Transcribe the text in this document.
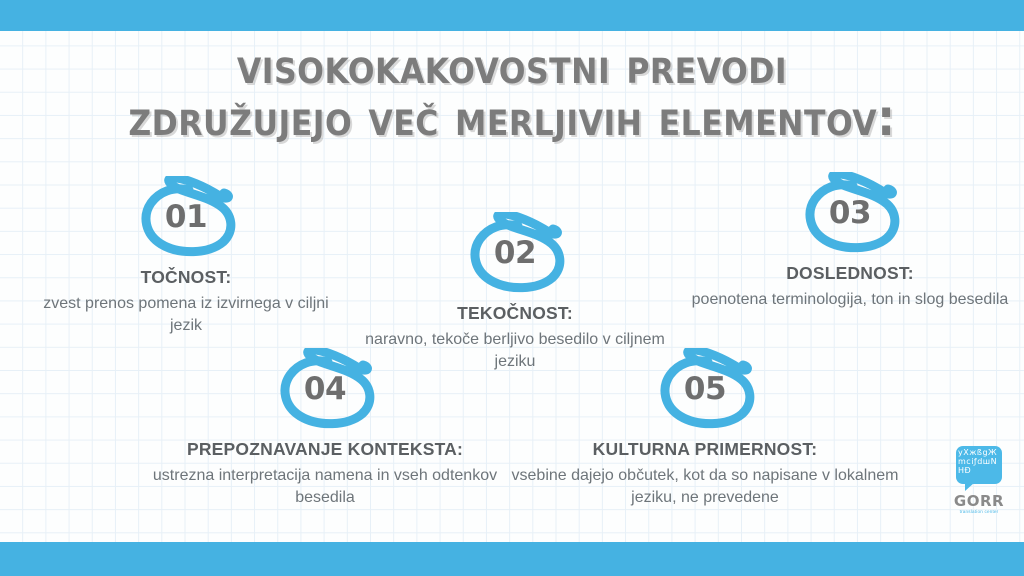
visokokakovostni prevodi
združujejo več merljivih elementov:
01
TOČNOST:
zvest prenos pomena iz izvirnega v ciljni jezik
02
TEKOČNOST:
naravno, tekoče berljivo besedilo v ciljnem jeziku
03
DOSLEDNOST:
poenotena terminologija, ton in slog besedila
04
PREPOZNAVANJE KONTEKSTA:
ustrezna interpretacija namena in vseh odtenkov besedila
05
KULTURNA PRIMERNOST:
vsebine dajejo občutek, kot da so napisane v lokalnem jeziku, ne prevedene
yXжßgЖmciƒdшNHÐ
GORR
translation center
